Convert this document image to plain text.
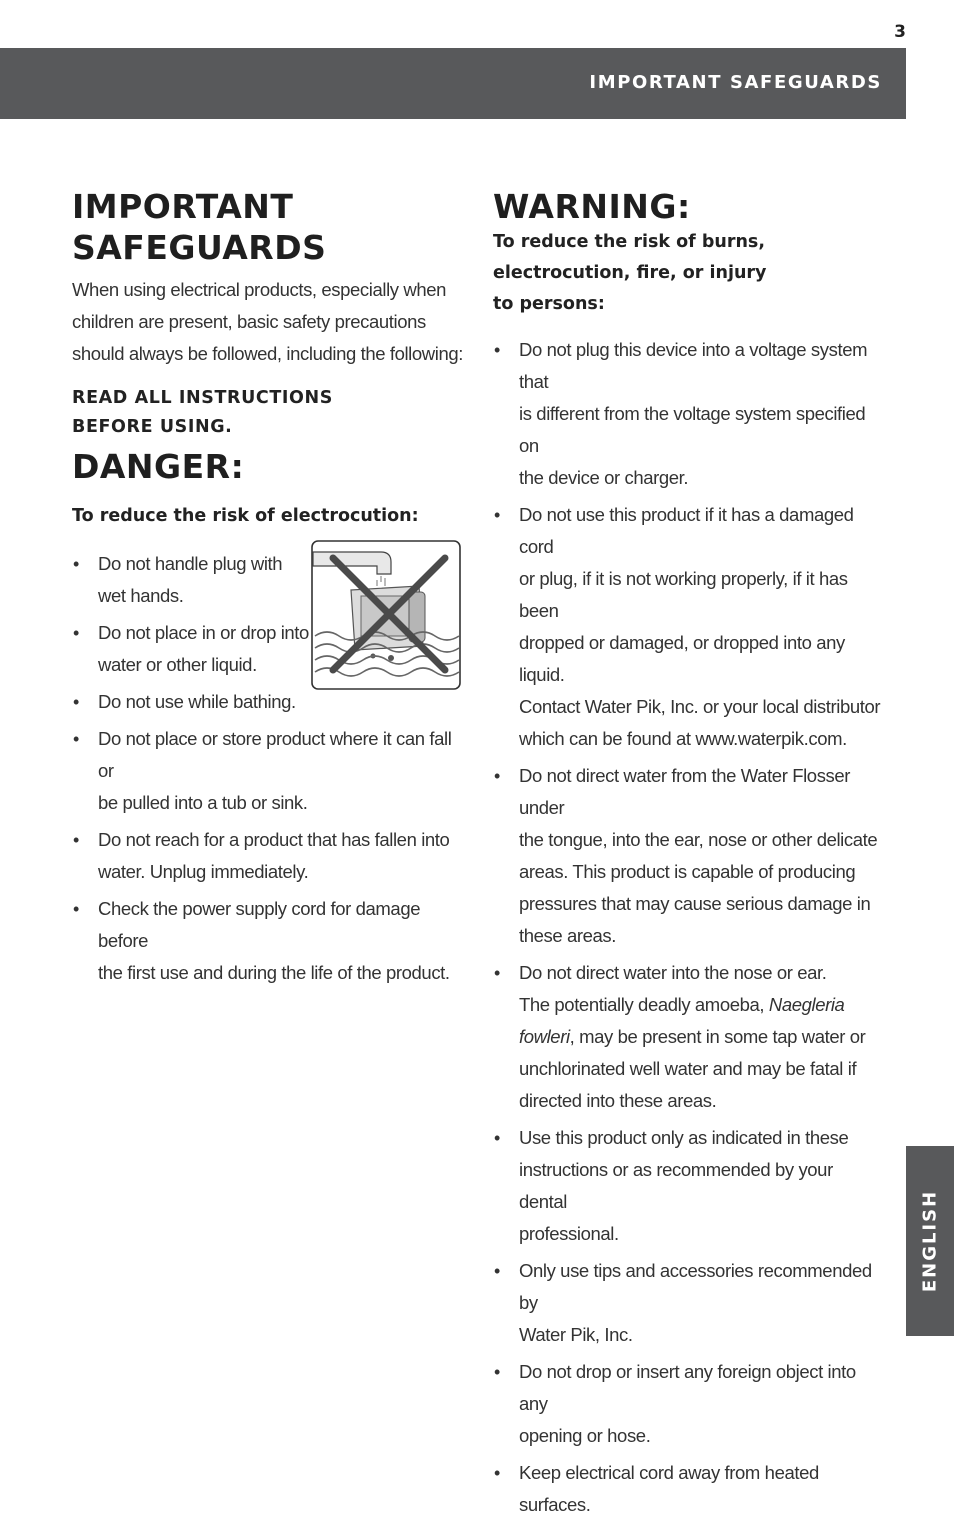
3
IMPORTANT SAFEGUARDS
ENGLISH
IMPORTANT
SAFEGUARDS

When using electrical products, especially when
children are present, basic safety precautions
should always be followed, including the following:

READ ALL INSTRUCTIONS
BEFORE USING.

DANGER:

To reduce the risk of electrocution:

• Do not handle plug with
wet hands.
• Do not place in or drop into
water or other liquid.
• Do not use while bathing.
• Do not place or store product where it can fall or
be pulled into a tub or sink.
• Do not reach for a product that has fallen into
water. Unplug immediately.
• Check the power supply cord for damage before
the first use and during the life of the product.
WARNING:

To reduce the risk of burns,
electrocution, fire, or injury
to persons:

• Do not plug this device into a voltage system that
is different from the voltage system specified on
the device or charger.
• Do not use this product if it has a damaged cord
or plug, if it is not working properly, if it has been
dropped or damaged, or dropped into any liquid.
Contact Water Pik, Inc. or your local distributor
which can be found at www.waterpik.com.
• Do not direct water from the Water Flosser under
the tongue, into the ear, nose or other delicate
areas. This product is capable of producing
pressures that may cause serious damage in
these areas.
• Do not direct water into the nose or ear.
The potentially deadly amoeba, Naegleria
fowleri, may be present in some tap water or
unchlorinated well water and may be fatal if
directed into these areas.
• Use this product only as indicated in these
instructions or as recommended by your dental
professional.
• Only use tips and accessories recommended by
Water Pik, Inc.
• Do not drop or insert any foreign object into any
opening or hose.
• Keep electrical cord away from heated surfaces.
